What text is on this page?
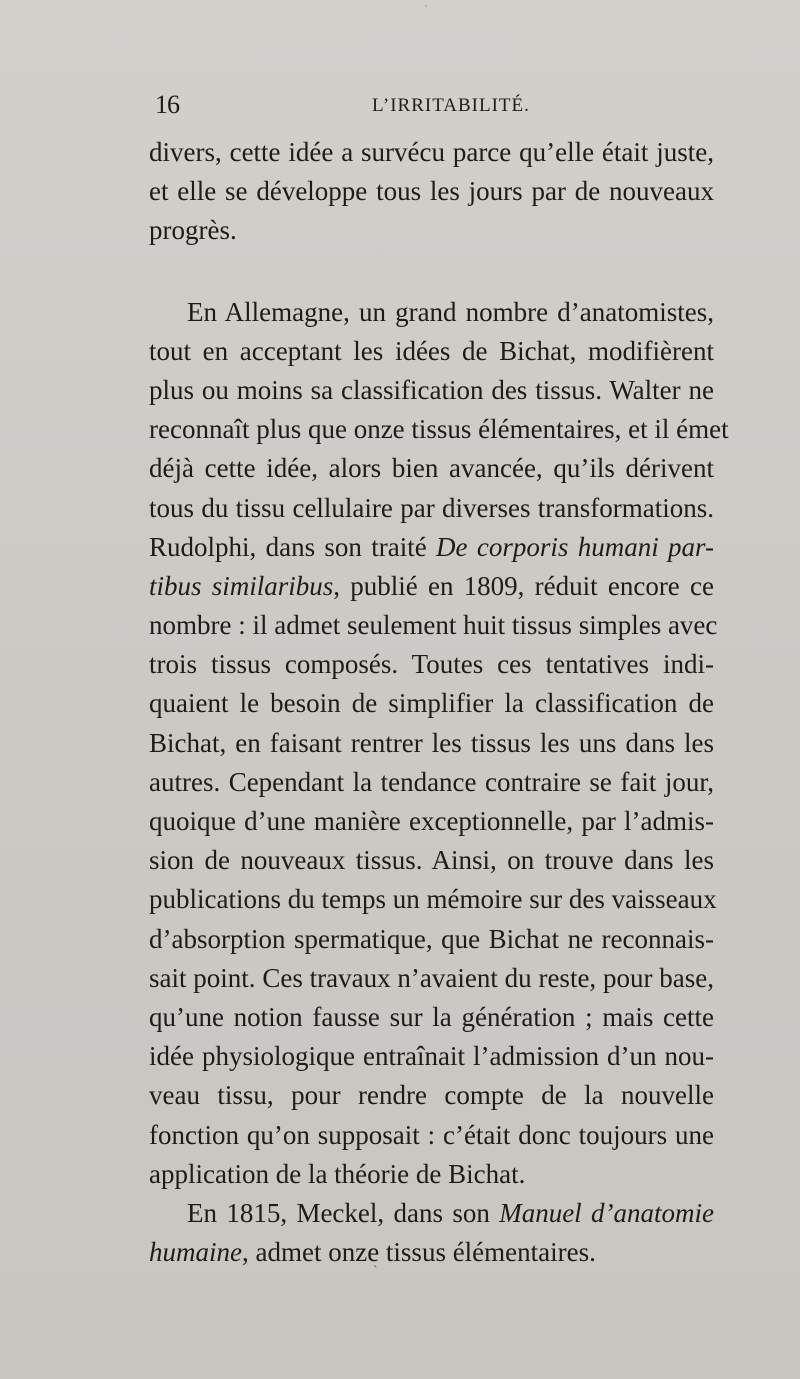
`
16	L’IRRITABILITÉ.
divers, cette idée a survécu parce qu’elle était juste,
et elle se développe tous les jours par de nouveaux
progrès.
En Allemagne, un grand nombre d’anatomistes,
tout en acceptant les idées de Bichat, modifièrent
plus ou moins sa classification des tissus. Walter ne
reconnaît plus que onze tissus élémentaires, et il émet
déjà cette idée, alors bien avancée, qu’ils dérivent
tous du tissu cellulaire par diverses transformations.
Rudolphi, dans son traité De corporis humani par-
tibus similaribus, publié en 1809, réduit encore ce
nombre : il admet seulement huit tissus simples avec
trois tissus composés. Toutes ces tentatives indi-
quaient le besoin de simplifier la classification de
Bichat, en faisant rentrer les tissus les uns dans les
autres. Cependant la tendance contraire se fait jour,
quoique d’une manière exceptionnelle, par l’admis-
sion de nouveaux tissus. Ainsi, on trouve dans les
publications du temps un mémoire sur des vaisseaux
d’absorption spermatique, que Bichat ne reconnais-
sait point. Ces travaux n’avaient du reste, pour base,
qu’une notion fausse sur la génération ; mais cette
idée physiologique entraînait l’admission d’un nou-
veau tissu, pour rendre compte de la nouvelle
fonction qu’on supposait : c’était donc toujours une
application de la théorie de Bichat.
En 1815, Meckel, dans son Manuel d’anatomie
humaine, admet onze tissus élémentaires.
`
